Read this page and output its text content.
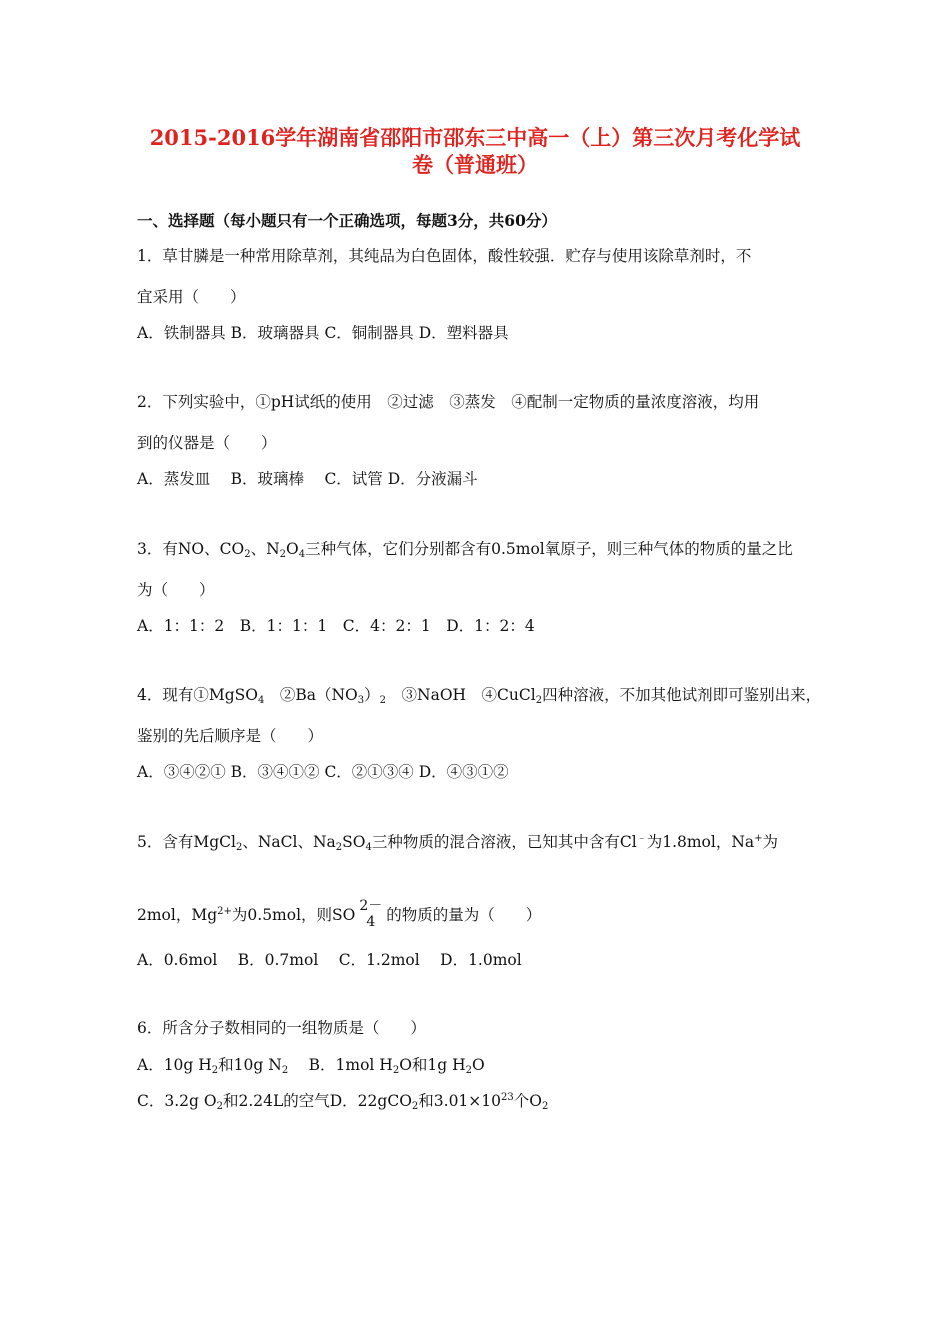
2015-2016学年湖南省邵阳市邵东三中高一（上）第三次月考化学试
卷（普通班）
一、选择题（每小题只有一个正确选项，每题3分，共60分）
1．草甘膦是一种常用除草剂，其纯品为白色固体，酸性较强．贮存与使用该除草剂时，不
宜采用（　　）
A．铁制器具 B．玻璃器具 C．铜制器具 D．塑料器具
2．下列实验中，①pH试纸的使用　②过滤　③蒸发　④配制一定物质的量浓度溶液，均用
到的仪器是（　　）
A．蒸发皿　 B．玻璃棒　 C．试管 D．分液漏斗
3．有NO、$CO_2$、$N_2O_4$三种气体，它们分别都含有0.5mol氧原子，则三种气体的物质的量之比
为（　　）
A．1：1：2　B．1：1：1　C．4：2：1　D．1：2：4
4．现有①MgSO$_4$　$②Ba(NO_3)_2$　③NaOH　④CuCl$_2$四种溶液，不加其他试剂即可鉴别出来，
鉴别的先后顺序是（　　）
A．③④②① B．③④①② C．②①③④ D．④③①②
5．含有MgCl$_2$、NaCl、$Na_2SO_4$三种物质的混合溶液，已知其中含有Cl﹣为1.8mol，Na+为
2mol，$Mg^{2+}$为0.5mol，则SO 2－
4 的物质的量为（　　）
A．0.6mol　 B．0.7mol　 C．1.2mol　 D．1.0mol
6．所含分子数相同的一组物质是（　　）
A．10g $H_2$和10g $N_2$　 B．1mol $H_2O$和1g $H_2O$
C．3.2g $O_2$和2.24L的空气D．22gCO$_2$和$3.01\times 10^{23}$个$O_2$
